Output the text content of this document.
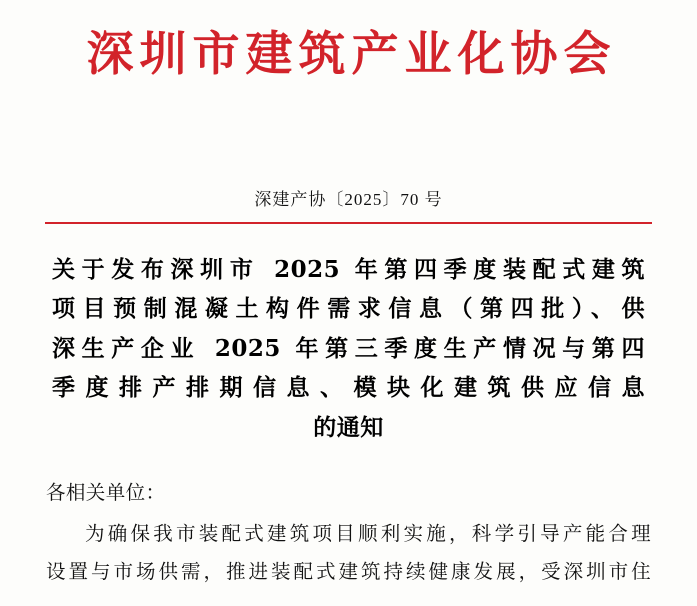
深圳市建筑产业化协会
深建产协〔2025〕70 号
关于发布深圳市 2025 年第四季度装配式建筑
项目预制混凝土构件需求信息（第四批）、供
深生产企业 2025 年第三季度生产情况与第四
季度排产排期信息、模块化建筑供应信息
的通知

各相关单位：

为确保我市装配式建筑项目顺利实施，科学引导产能合理

设置与市场供需，推进装配式建筑持续健康发展，受深圳市住
